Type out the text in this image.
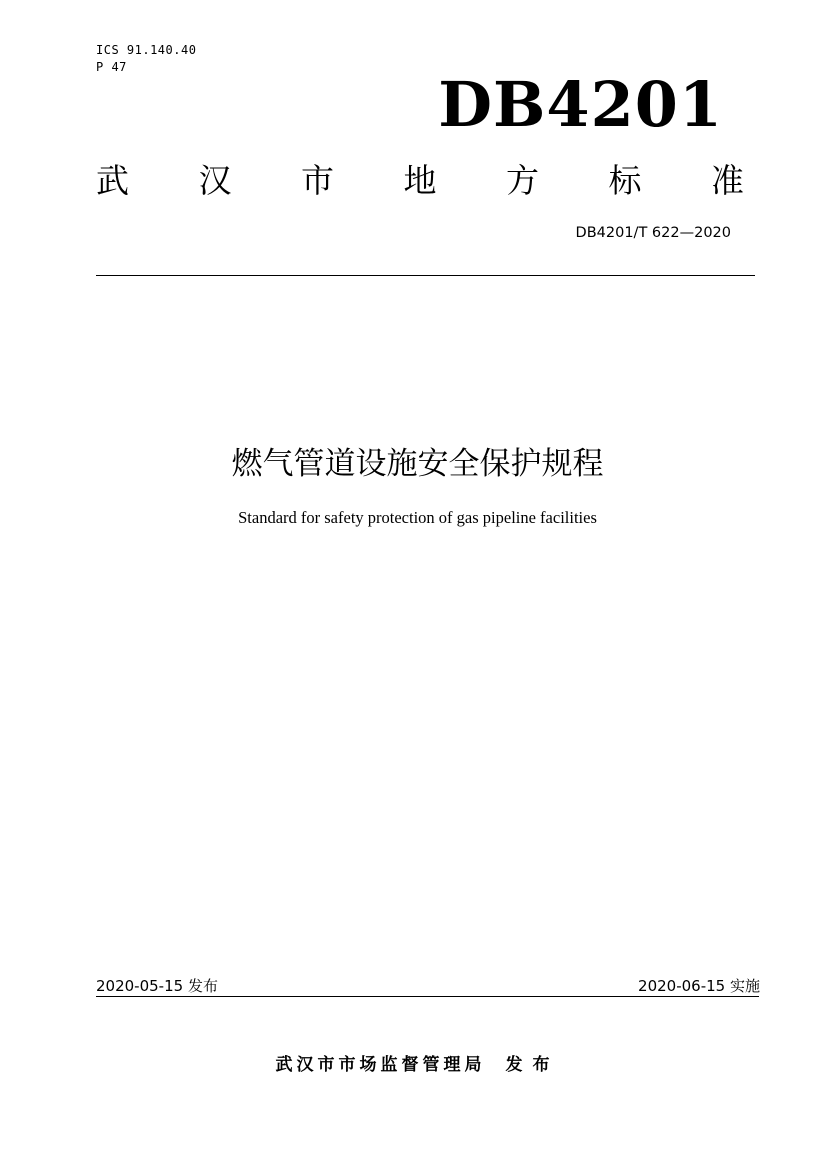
ICS 91.140.40
P 47
DB4201
武 汉 市 地 方 标 准
DB4201/T 622—2020
燃气管道设施安全保护规程
Standard for safety protection of gas pipeline facilities
2020-05-15 发布	2020-06-15 实施
武汉市市场监督管理局 发布
